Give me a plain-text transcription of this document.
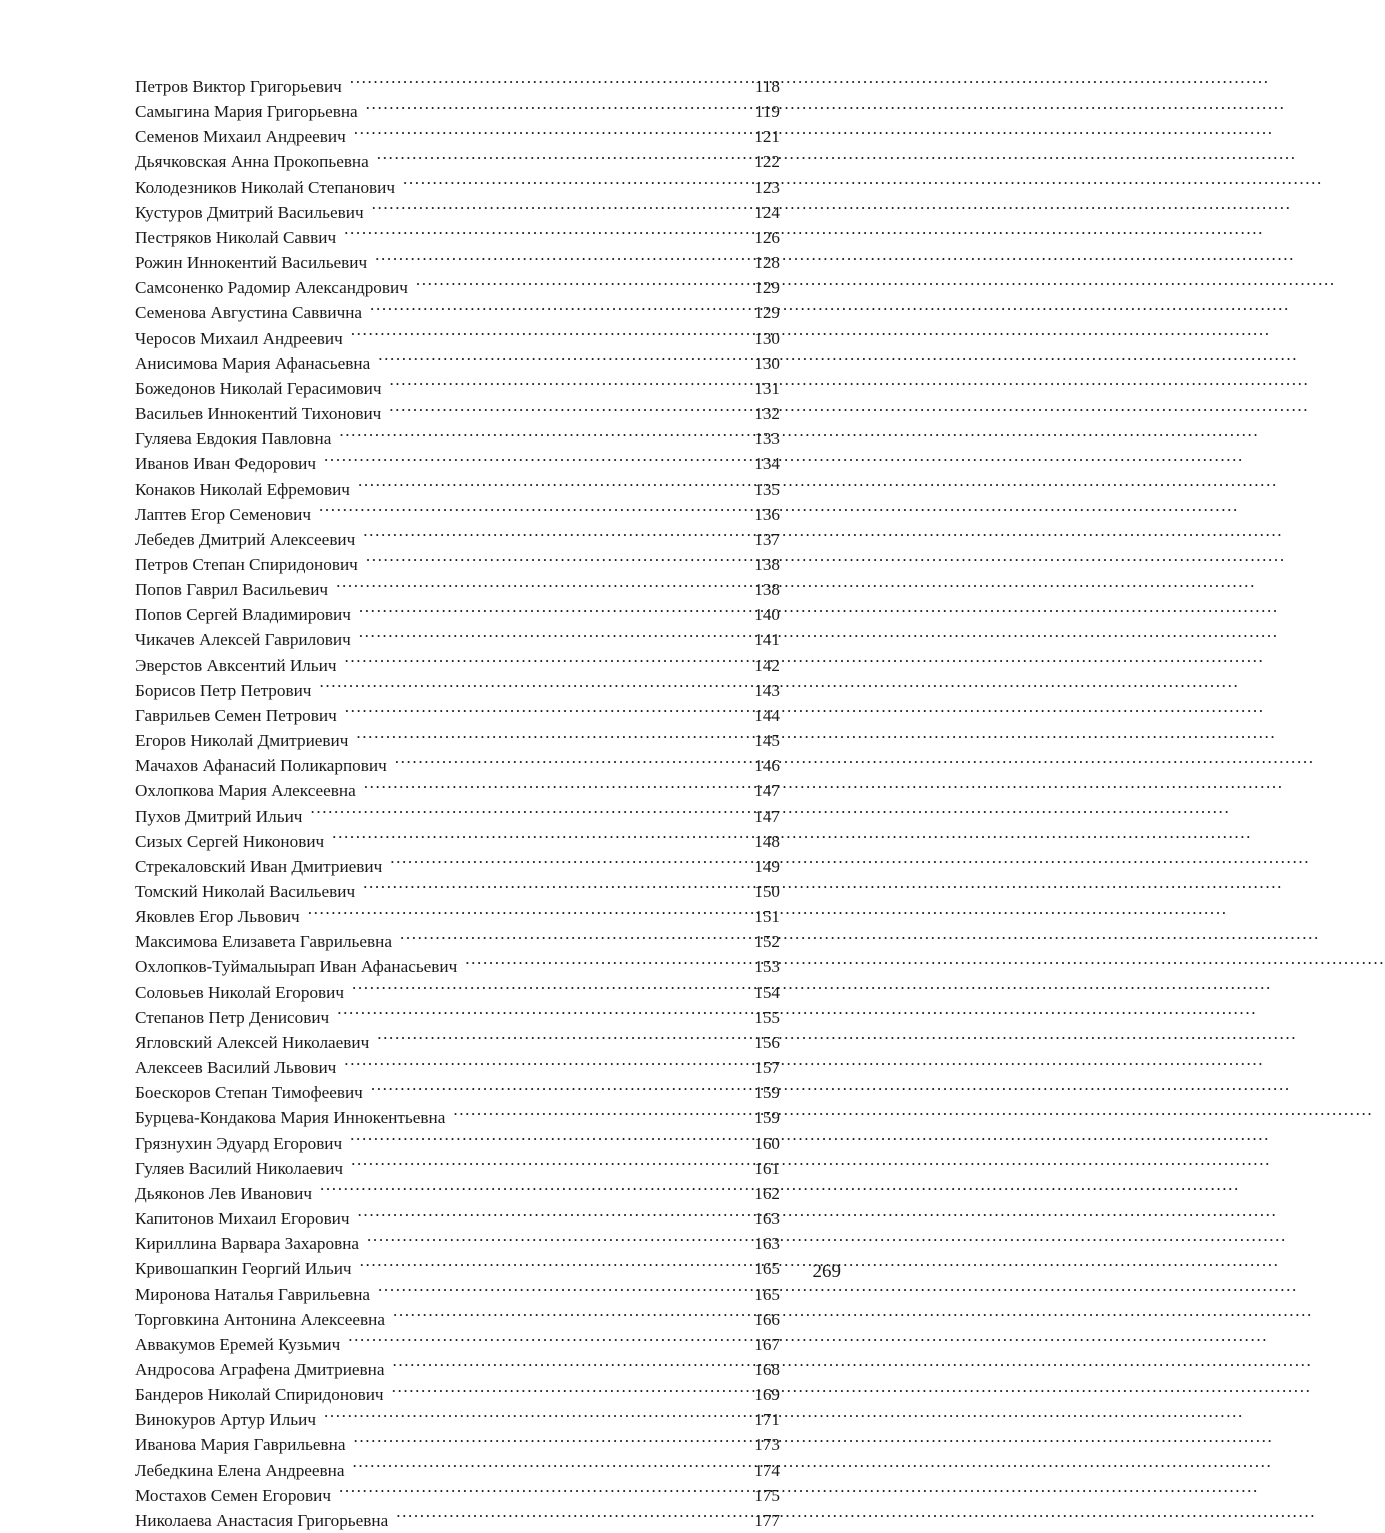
Петров Виктор Григорьевич .....	118
Самыгина Мария Григорьевна .....	119
Семенов Михаил Андреевич .....	121
Дьячковская Анна Прокопьевна .....	122
Колодезников Николай Степанович .....	123
Кустуров Дмитрий Васильевич .....	124
Пестряков Николай Саввич .....	126
Рожин Иннокентий Васильевич .....	128
Самсоненко Радомир Александрович .....	129
Семенова Августина Саввична .....	129
Черосов Михаил Андреевич .....	130
Анисимова Мария Афанасьевна .....	130
Божедонов Николай Герасимович .....	131
Васильев Иннокентий Тихонович .....	132
Гуляева Евдокия Павловна .....	133
Иванов Иван Федорович .....	134
Конаков Николай Ефремович .....	135
Лаптев Егор Семенович .....	136
Лебедев Дмитрий Алексеевич .....	137
Петров Степан Спиридонович .....	138
Попов Гаврил Васильевич .....	138
Попов Сергей Владимирович .....	140
Чикачев Алексей Гаврилович .....	141
Эверстов Авксентий Ильич .....	142
Борисов Петр Петрович .....	143
Гаврильев Семен Петрович .....	144
Егоров Николай Дмитриевич .....	145
Мачахов Афанасий Поликарпович .....	146
Охлопкова Мария Алексеевна .....	147
Пухов Дмитрий Ильич .....	147
Сизых Сергей Никонович .....	148
Стрекаловский Иван Дмитриевич .....	149
Томский Николай Васильевич .....	150
Яковлев Егор Львович .....	151
Максимова Елизавета Гаврильевна .....	152
Охлопков-Туймалыырап Иван Афанасьевич .....	153
Соловьев Николай Егорович .....	154
Степанов Петр Денисович .....	155
Ягловский Алексей Николаевич .....	156
Алексеев Василий Львович .....	157
Боескоров Степан Тимофеевич .....	159
Бурцева-Кондакова Мария Иннокентьевна .....	159
Грязнухин Эдуард Егорович .....	160
Гуляев Василий Николаевич .....	161
Дьяконов Лев Иванович .....	162
Капитонов Михаил Егорович .....	163
Кириллина Варвара Захаровна .....	163
Кривошапкин Георгий Ильич .....	165
Миронова Наталья Гаврильевна .....	165
Торговкина Антонина Алексеевна .....	166
Аввакумов Еремей Кузьмич .....	167
Андросова Аграфена Дмитриевна .....	168
Бандеров Николай Спиридонович .....	169
Винокуров Артур Ильич .....	171
Иванова Мария Гаврильевна .....	173
Лебедкина Елена Андреевна .....	174
Мостахов Семен Егорович .....	175
Николаева Анастасия Григорьевна .....	177
269
